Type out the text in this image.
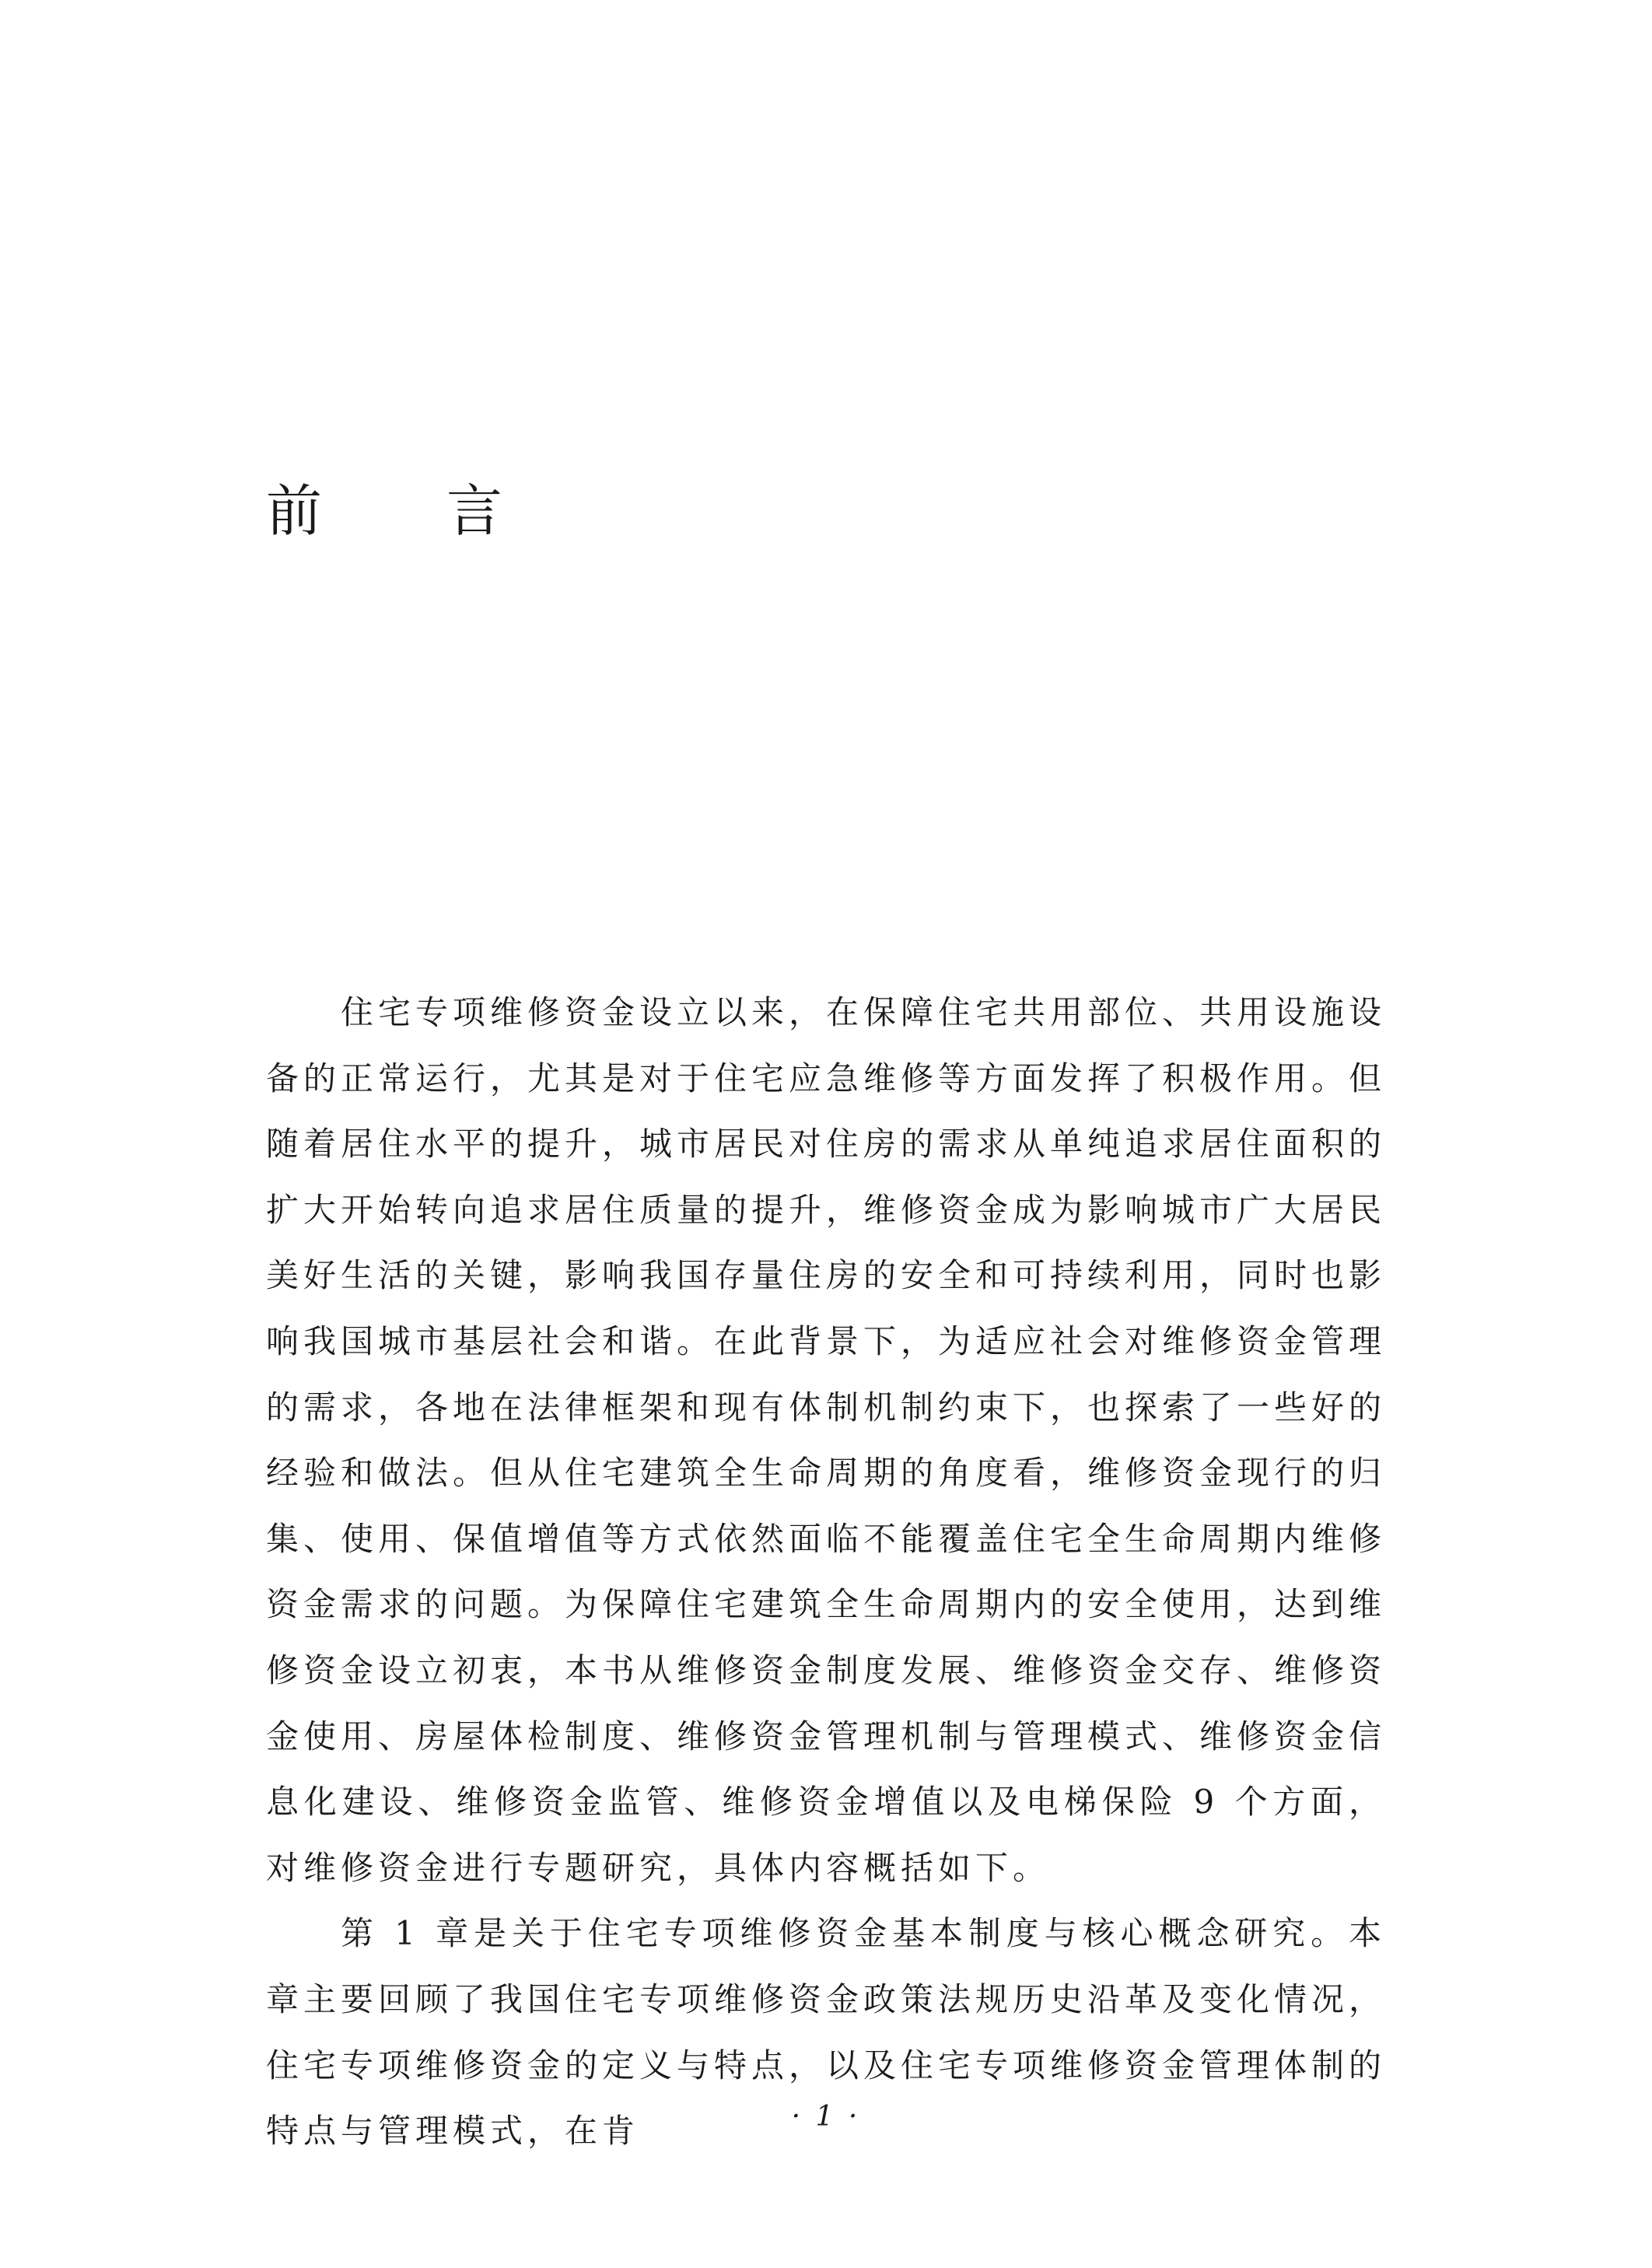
前言

住宅专项维修资金设立以来，在保障住宅共用部位、共用设施设备的正常运行，尤其是对于住宅应急维修等方面发挥了积极作用。但随着居住水平的提升，城市居民对住房的需求从单纯追求居住面积的扩大开始转向追求居住质量的提升，维修资金成为影响城市广大居民美好生活的关键，影响我国存量住房的安全和可持续利用，同时也影响我国城市基层社会和谐。在此背景下，为适应社会对维修资金管理的需求，各地在法律框架和现有体制机制约束下，也探索了一些好的经验和做法。但从住宅建筑全生命周期的角度看，维修资金现行的归集、使用、保值增值等方式依然面临不能覆盖住宅全生命周期内维修资金需求的问题。为保障住宅建筑全生命周期内的安全使用，达到维修资金设立初衷，本书从维修资金制度发展、维修资金交存、维修资金使用、房屋体检制度、维修资金管理机制与管理模式、维修资金信息化建设、维修资金监管、维修资金增值以及电梯保险 9 个方面，对维修资金进行专题研究，具体内容概括如下。

第 1 章是关于住宅专项维修资金基本制度与核心概念研究。本章主要回顾了我国住宅专项维修资金政策法规历史沿革及变化情况，住宅专项维修资金的定义与特点，以及住宅专项维修资金管理体制的特点与管理模式，在肯	· 1 ·
